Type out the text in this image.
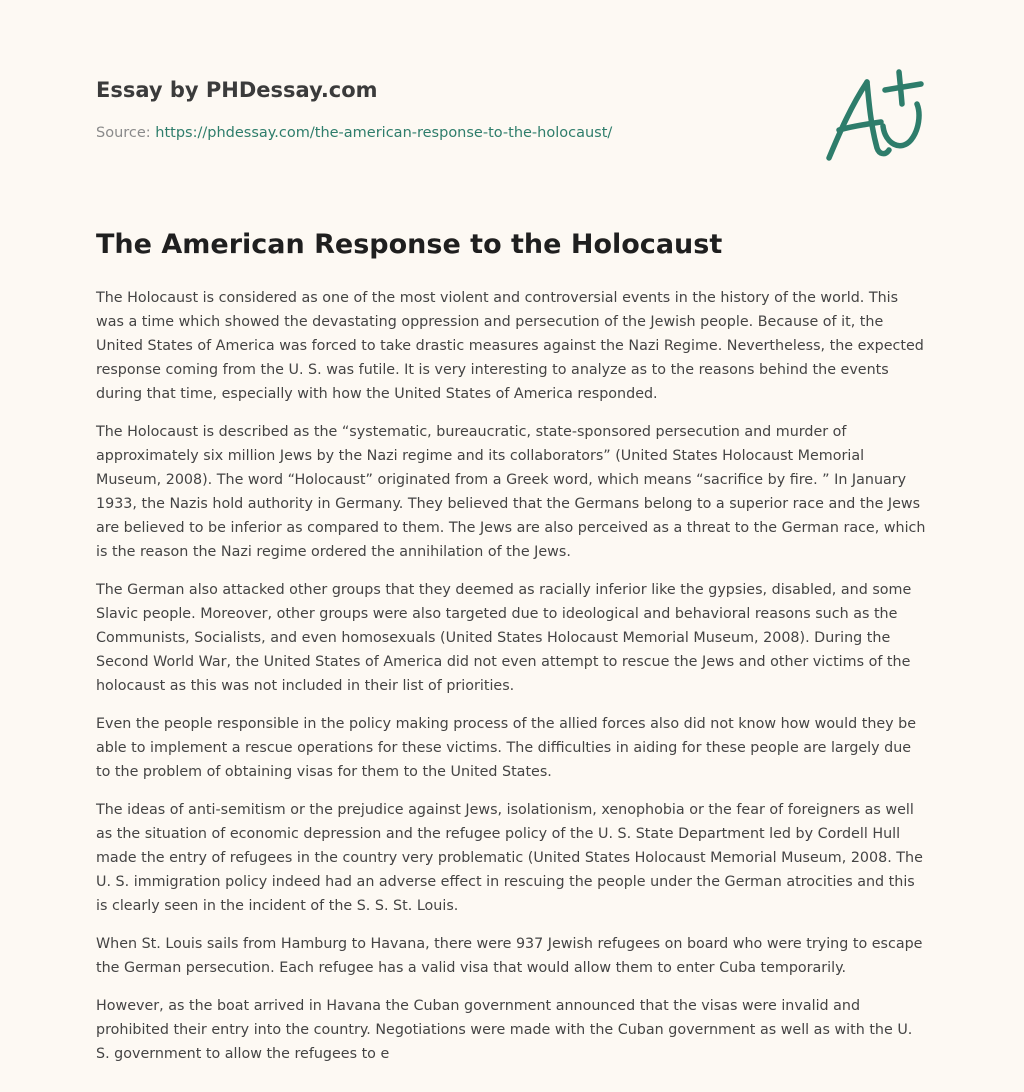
Essay by PHDessay.com
Source: https://phdessay.com/the-american-response-to-the-holocaust/
The American Response to the Holocaust

The Holocaust is considered as one of the most violent and controversial events in the history of the world. This was a time which showed the devastating oppression and persecution of the Jewish people. Because of it, the United States of America was forced to take drastic measures against the Nazi Regime. Nevertheless, the expected response coming from the U. S. was futile. It is very interesting to analyze as to the reasons behind the events during that time, especially with how the United States of America responded.

The Holocaust is described as the “systematic, bureaucratic, state-sponsored persecution and murder of approximately six million Jews by the Nazi regime and its collaborators” (United States Holocaust Memorial Museum, 2008). The word “Holocaust” originated from a Greek word, which means “sacrifice by fire. ” In January 1933, the Nazis hold authority in Germany. They believed that the Germans belong to a superior race and the Jews are believed to be inferior as compared to them. The Jews are also perceived as a threat to the German race, which is the reason the Nazi regime ordered the annihilation of the Jews.

The German also attacked other groups that they deemed as racially inferior like the gypsies, disabled, and some Slavic people. Moreover, other groups were also targeted due to ideological and behavioral reasons such as the Communists, Socialists, and even homosexuals (United States Holocaust Memorial Museum, 2008). During the Second World War, the United States of America did not even attempt to rescue the Jews and other victims of the holocaust as this was not included in their list of priorities.

Even the people responsible in the policy making process of the allied forces also did not know how would they be able to implement a rescue operations for these victims. The difficulties in aiding for these people are largely due to the problem of obtaining visas for them to the United States.

The ideas of anti-semitism or the prejudice against Jews, isolationism, xenophobia or the fear of foreigners as well as the situation of economic depression and the refugee policy of the U. S. State Department led by Cordell Hull made the entry of refugees in the country very problematic (United States Holocaust Memorial Museum, 2008. The U. S. immigration policy indeed had an adverse effect in rescuing the people under the German atrocities and this is clearly seen in the incident of the S. S. St. Louis.

When St. Louis sails from Hamburg to Havana, there were 937 Jewish refugees on board who were trying to escape the German persecution. Each refugee has a valid visa that would allow them to enter Cuba temporarily.

However, as the boat arrived in Havana the Cuban government announced that the visas were invalid and prohibited their entry into the country. Negotiations were made with the Cuban government as well as with the U. S. government to allow the refugees to e
